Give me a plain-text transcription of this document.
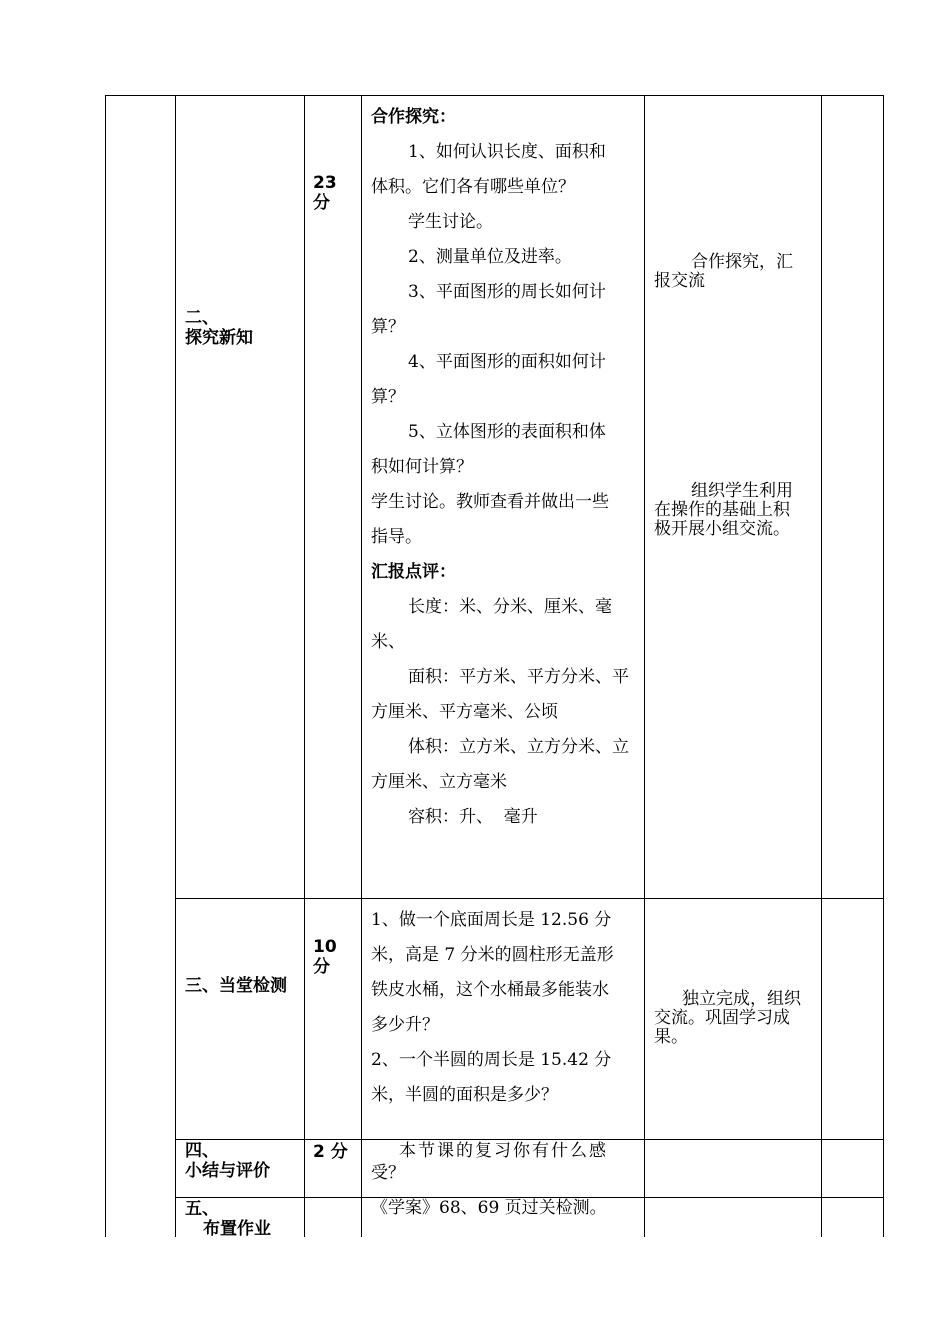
二、
探究新知
23
分
合作探究：
1、如何认识长度、面积和
体积。它们各有哪些单位？
学生讨论。
2、测量单位及进率。
3、平面图形的周长如何计
算？
4、平面图形的面积如何计
算？
5、立体图形的表面积和体
积如何计算？
学生讨论。教师查看并做出一些
指导。
汇报点评：
长度：米、分米、厘米、毫
米、
面积：平方米、平方分米、平
方厘米、平方毫米、公顷
体积：立方米、立方分米、立
方厘米、立方毫米
容积：升、  毫升
合作探究，汇
报交流
组织学生利用
在操作的基础上积
极开展小组交流。
三、当堂检测
10
分
1、做一个底面周长是 12.56 分
米，高是 7 分米的圆柱形无盖形
铁皮水桶，这个水桶最多能装水
多少升？
2、一个半圆的周长是 15.42 分
米，半圆的面积是多少？
独立完成，组织
交流。巩固学习成
果。
四、
小结与评价
2 分	本节课的复习你有什么感
受？
五、
布置作业
《学案》68、69 页过关检测。
